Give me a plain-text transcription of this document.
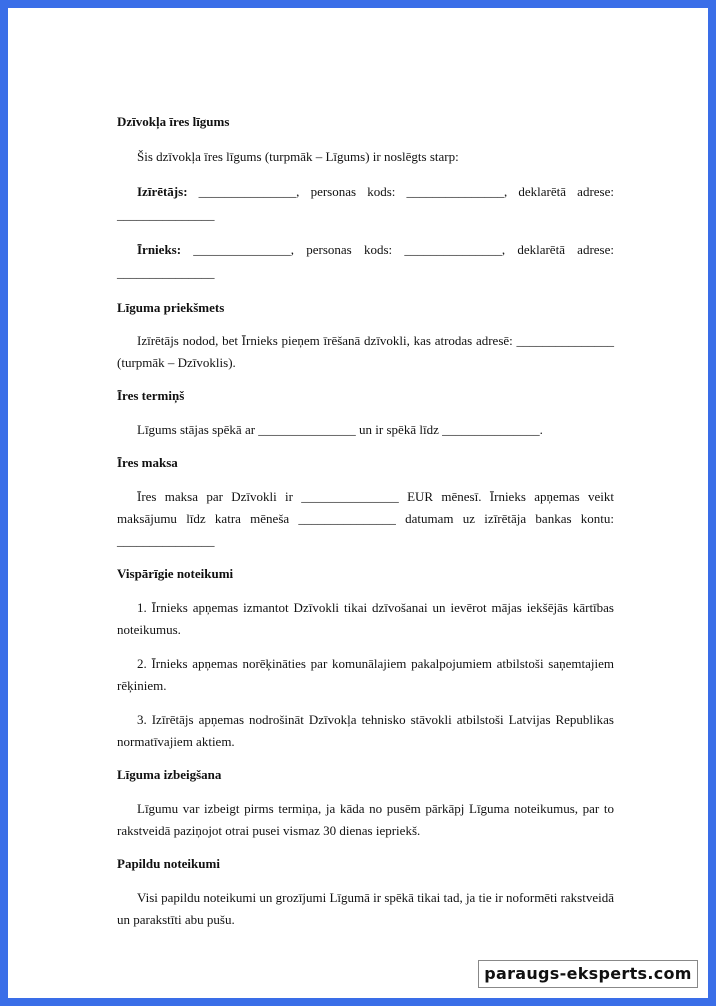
Dzīvokļa īres līgums

Šis dzīvokļa īres līgums (turpmāk – Līgums) ir noslēgts starp:

Izīrētājs: _______________, personas kods: _______________, deklarētā adrese: _______________

Īrnieks: _______________, personas kods: _______________, deklarētā adrese: _______________

Līguma priekšmets

Izīrētājs nodod, bet Īrnieks pieņem īrēšanā dzīvokli, kas atrodas adresē: _______________ (turpmāk – Dzīvoklis).

Īres termiņš

Līgums stājas spēkā ar _______________ un ir spēkā līdz _______________.

Īres maksa

Īres maksa par Dzīvokli ir _______________ EUR mēnesī. Īrnieks apņemas veikt maksājumu līdz katra mēneša _______________ datumam uz izīrētāja bankas kontu: _______________

Vispārīgie noteikumi

1. Īrnieks apņemas izmantot Dzīvokli tikai dzīvošanai un ievērot mājas iekšējās kārtības noteikumus.

2. Īrnieks apņemas norēķināties par komunālajiem pakalpojumiem atbilstoši saņemtajiem rēķiniem.

3. Izīrētājs apņemas nodrošināt Dzīvokļa tehnisko stāvokli atbilstoši Latvijas Republikas normatīvajiem aktiem.

Līguma izbeigšana

Līgumu var izbeigt pirms termiņa, ja kāda no pusēm pārkāpj Līguma noteikumus, par to rakstveidā paziņojot otrai pusei vismaz 30 dienas iepriekš.

Papildu noteikumi

Visi papildu noteikumi un grozījumi Līgumā ir spēkā tikai tad, ja tie ir noformēti rakstveidā un parakstīti abu pušu.

paraugs-eksperts.com
